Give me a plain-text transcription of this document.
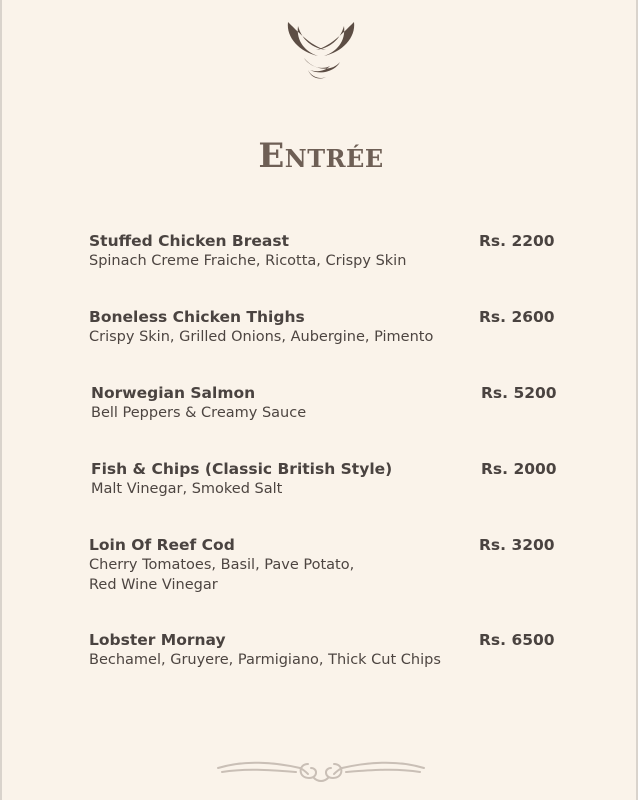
Entrée
Stuffed Chicken Breast	Rs. 2200
Spinach Creme Fraiche, Ricotta, Crispy Skin
Boneless Chicken Thighs	Rs. 2600
Crispy Skin, Grilled Onions, Aubergine, Pimento
Norwegian Salmon	Rs. 5200
Bell Peppers & Creamy Sauce
Fish & Chips (Classic British Style)	Rs. 2000
Malt Vinegar, Smoked Salt
Loin Of Reef Cod	Rs. 3200
Cherry Tomatoes, Basil, Pave Potato,
Red Wine Vinegar
Lobster Mornay	Rs. 6500
Bechamel, Gruyere, Parmigiano, Thick Cut Chips
